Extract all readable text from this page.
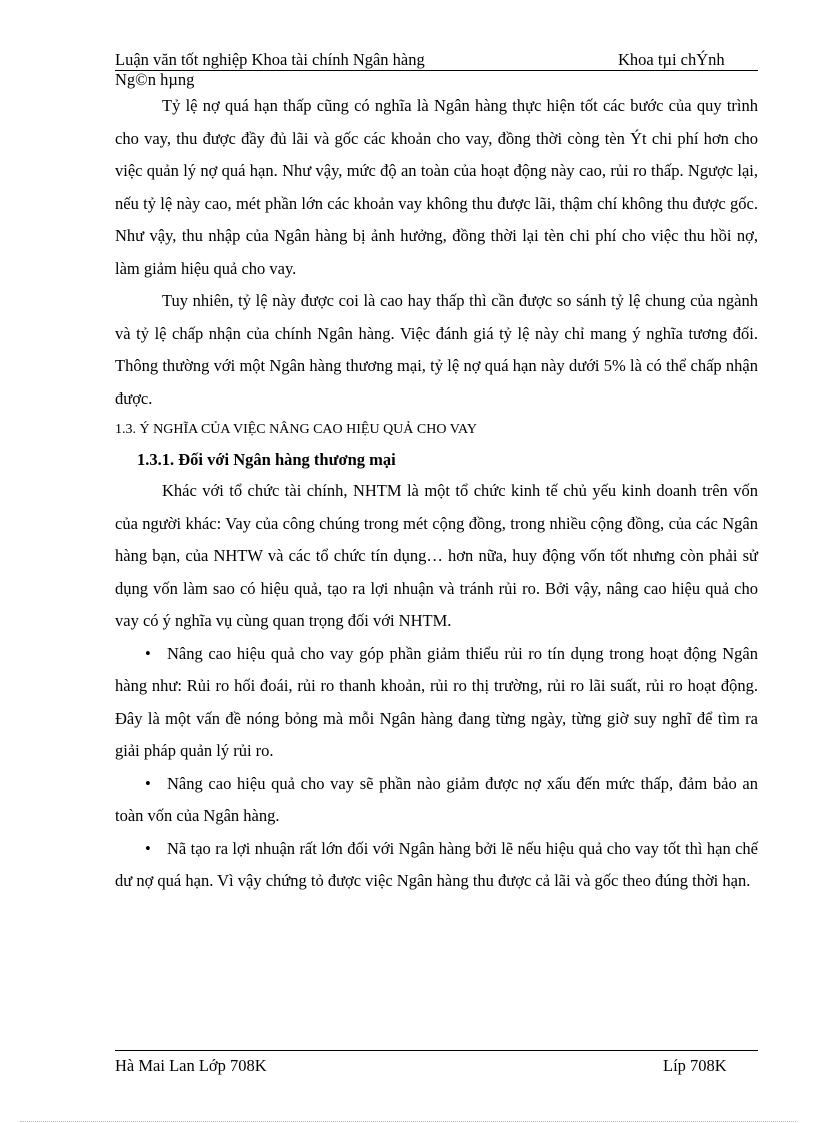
Luận văn tốt nghiệp Khoa tài chính Ngân hàng	Khoa tµi chÝnh
Ng©n hµng

Tỷ lệ nợ quá hạn thấp cũng có nghĩa là Ngân hàng thực hiện tốt các bước của quy trình cho vay, thu được đầy đủ lãi và gốc các khoản cho vay, đồng thời còng tèn Ýt chi phí hơn cho việc quản lý nợ quá hạn. Như vậy, mức độ an toàn của hoạt động này cao, rủi ro thấp. Ngược lại, nếu tỷ lệ này cao, mét phần lớn các khoản vay không thu được lãi, thậm chí không thu được gốc. Như vậy, thu nhập của Ngân hàng bị ảnh hưởng, đồng thời lại tèn chi phí cho việc thu hồi nợ, làm giảm hiệu quả cho vay.

Tuy nhiên, tỷ lệ này được coi là cao hay thấp thì cần được so sánh tỷ lệ chung của ngành và tỷ lệ chấp nhận của chính Ngân hàng. Việc đánh giá tỷ lệ này chỉ mang ý nghĩa tương đối. Thông thường với một Ngân hàng thương mại, tỷ lệ nợ quá hạn này dưới 5% là có thể chấp nhận được.

1.3. Ý NGHĨA CỦA VIỆC NÂNG CAO HIỆU QUẢ CHO VAY

1.3.1. Đối với Ngân hàng thương mại

Khác với tổ chức tài chính, NHTM là một tổ chức kinh tế chủ yếu kinh doanh trên vốn của người khác: Vay của công chúng trong mét cộng đồng, trong nhiều cộng đồng, của các Ngân hàng bạn, của NHTW và các tổ chức tín dụng… hơn nữa, huy động vốn tốt nhưng còn phải sử dụng vốn làm sao có hiệu quả, tạo ra lợi nhuận và tránh rủi ro. Bởi vậy, nâng cao hiệu quả cho vay có ý nghĩa vụ cùng quan trọng đối với NHTM.

• Nâng cao hiệu quả cho vay góp phần giảm thiểu rủi ro tín dụng trong hoạt động Ngân hàng như: Rủi ro hối đoái, rủi ro thanh khoản, rủi ro thị trường, rủi ro lãi suất, rủi ro hoạt động. Đây là một vấn đề nóng bỏng mà mỗi Ngân hàng đang từng ngày, từng giờ suy nghĩ để tìm ra giải pháp quản lý rủi ro.

• Nâng cao hiệu quả cho vay sẽ phần nào giảm được nợ xấu đến mức thấp, đảm bảo an toàn vốn của Ngân hàng.

• Nã tạo ra lợi nhuận rất lớn đối với Ngân hàng bởi lẽ nếu hiệu quả cho vay tốt thì hạn chế dư nợ quá hạn. Vì vậy chứng tỏ được việc Ngân hàng thu được cả lãi và gốc theo đúng thời hạn.

Hà Mai Lan Lớp 708K	Líp 708K
